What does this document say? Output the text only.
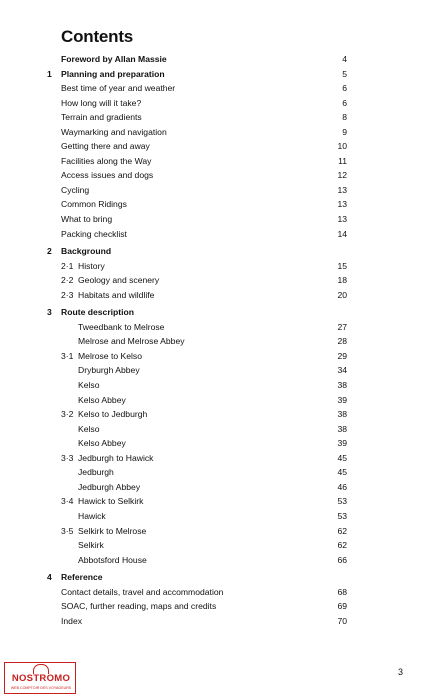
Contents
Foreword by Allan Massie	4
1 Planning and preparation	5
Best time of year and weather	6
How long will it take?	6
Terrain and gradients	8
Waymarking and navigation	9
Getting there and away	10
Facilities along the Way	11
Access issues and dogs	12
Cycling	13
Common Ridings	13
What to bring	13
Packing checklist	14
2 Background
2·1 History	15
2·2 Geology and scenery	18
2·3 Habitats and wildlife	20
3 Route description
Tweedbank to Melrose	27
Melrose and Melrose Abbey	28
3·1 Melrose to Kelso	29
Dryburgh Abbey	34
Kelso	38
Kelso Abbey	39
3·2 Kelso to Jedburgh	38
Kelso	38
Kelso Abbey	39
3·3 Jedburgh to Hawick	45
Jedburgh	45
Jedburgh Abbey	46
3·4 Hawick to Selkirk	53
Hawick	53
3·5 Selkirk to Melrose	62
Selkirk	62
Abbotsford House	66
4 Reference
Contact details, travel and accommodation	68
SOAC, further reading, maps and credits	69
Index	70
3
NOSTROMO
WEB COMPTOIR DES VOYAGEURS
